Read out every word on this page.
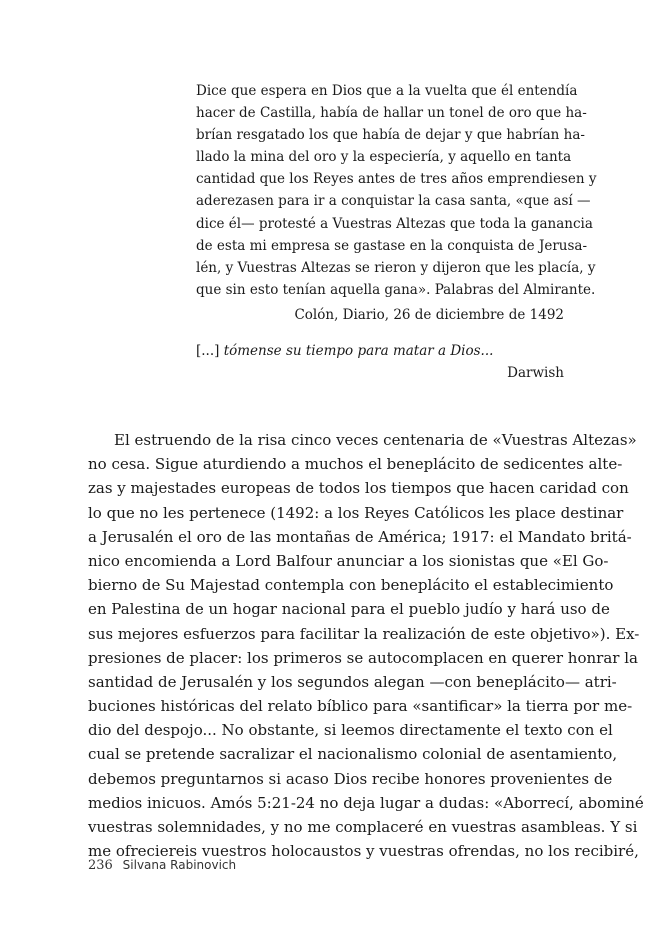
Dice que espera en Dios que a la vuelta que él entendía
hacer de Castilla, había de hallar un tonel de oro que ha-
brían resgatado los que había de dejar y que habrían ha-
llado la mina del oro y la especiería, y aquello en tanta
cantidad que los Reyes antes de tres años emprendiesen y
aderezasen para ir a conquistar la casa santa, «que así —
dice él— protesté a Vuestras Altezas que toda la ganancia
de esta mi empresa se gastase en la conquista de Jerusa-
lén, y Vuestras Altezas se rieron y dijeron que les placía, y
que sin esto tenían aquella gana». Palabras del Almirante.
Colón, Diario, 26 de diciembre de 1492
[...] tómense su tiempo para matar a Dios...
Darwish
El estruendo de la risa cinco veces centenaria de «Vuestras Altezas»
no cesa. Sigue aturdiendo a muchos el beneplácito de sedicentes alte-
zas y majestades europeas de todos los tiempos que hacen caridad con
lo que no les pertenece (1492: a los Reyes Católicos les place destinar
a Jerusalén el oro de las montañas de América; 1917: el Mandato britá-
nico encomienda a Lord Balfour anunciar a los sionistas que «El Go-
bierno de Su Majestad contempla con beneplácito el establecimiento
en Palestina de un hogar nacional para el pueblo judío y hará uso de
sus mejores esfuerzos para facilitar la realización de este objetivo»). Ex-
presiones de placer: los primeros se autocomplacen en querer honrar la
santidad de Jerusalén y los segundos alegan —con beneplácito— atri-
buciones históricas del relato bíblico para «santificar» la tierra por me-
dio del despojo... No obstante, si leemos directamente el texto con el
cual se pretende sacralizar el nacionalismo colonial de asentamiento,
debemos preguntarnos si acaso Dios recibe honores provenientes de
medios inicuos. Amós 5:21-24 no deja lugar a dudas: «Aborrecí, abominé
vuestras solemnidades, y no me complaceré en vuestras asambleas. Y si
me ofreciereis vuestros holocaustos y vuestras ofrendas, no los recibiré,
236 Silvana Rabinovich
